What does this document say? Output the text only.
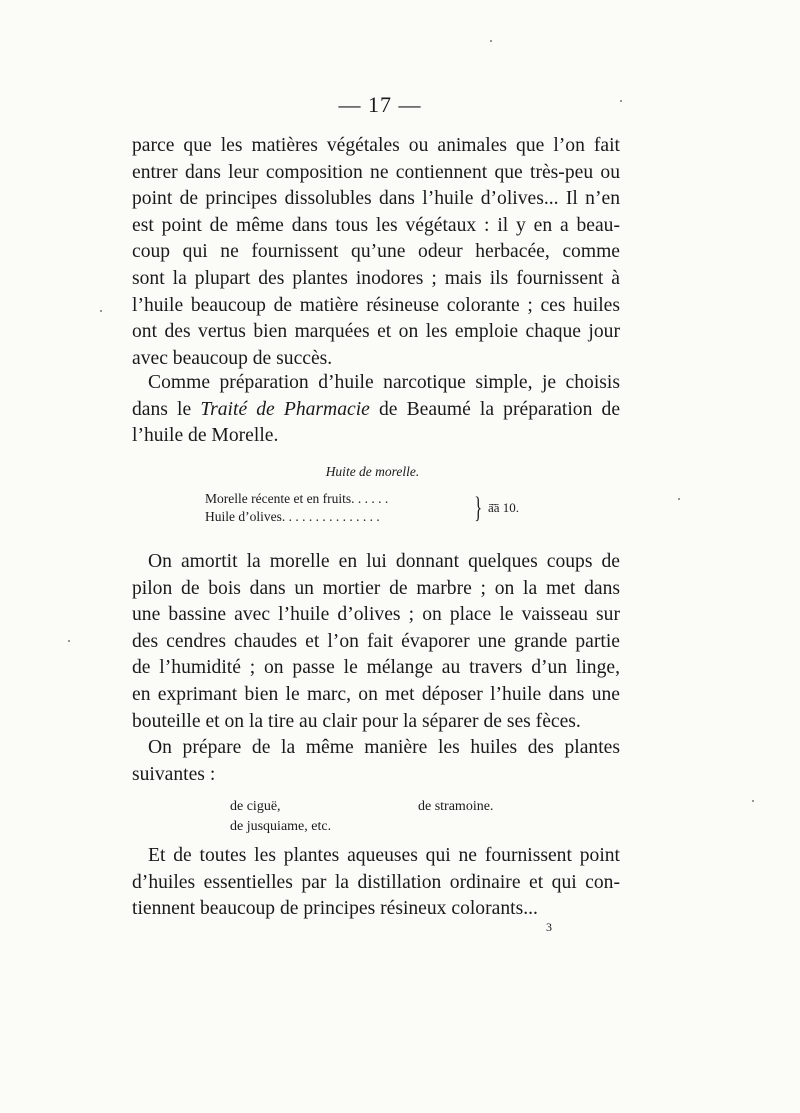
— 17 —

parce que les matières végétales ou animales que l’on fait
entrer dans leur composition ne contiennent que très-peu ou
point de principes dissolubles dans l’huile d’olives... Il n’en
est point de même dans tous les végétaux : il y en a beau-
coup qui ne fournissent qu’une odeur herbacée, comme
sont la plupart des plantes inodores ; mais ils fournissent à
l’huile beaucoup de matière résineuse colorante ; ces huiles
ont des vertus bien marquées et on les emploie chaque jour
avec beaucoup de succès.

Comme préparation d’huile narcotique simple, je choisis
dans le Traité de Pharmacie de Beaumé la préparation de
l’huile de Morelle.

Huite de morelle.
Morelle récente et en fruits. . . . . .
Huile d’olives. . . . . . . . . . . . . . .	} ā̄ā 10.

On amortit la morelle en lui donnant quelques coups de
pilon de bois dans un mortier de marbre ; on la met dans
une bassine avec l’huile d’olives ; on place le vaisseau sur
des cendres chaudes et l’on fait évaporer une grande partie
de l’humidité ; on passe le mélange au travers d’un linge,
en exprimant bien le marc, on met déposer l’huile dans une
bouteille et on la tire au clair pour la séparer de ses fèces.

On prépare de la même manière les huiles des plantes
suivantes :

de ciguë,	de stramoine.
de jusquiame, etc.

Et de toutes les plantes aqueuses qui ne fournissent point
d’huiles essentielles par la distillation ordinaire et qui con-
tiennent beaucoup de principes résineux colorants...

3
